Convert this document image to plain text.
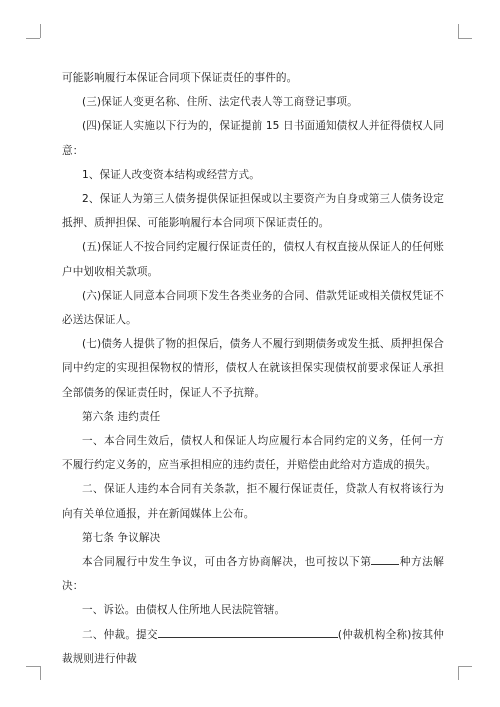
可能影响履行本保证合同项下保证责任的事件的。

(三)保证人变更名称、住所、法定代表人等工商登记事项。

(四)保证人实施以下行为的，保证提前 15 日书面通知债权人并征得债权人同意：

1、保证人改变资本结构或经营方式。

2、保证人为第三人债务提供保证担保或以主要资产为自身或第三人债务设定抵押、质押担保、可能影响履行本合同项下保证责任的。

(五)保证人不按合同约定履行保证责任的，债权人有权直接从保证人的任何账户中划收相关款项。

(六)保证人同意本合同项下发生各类业务的合同、借款凭证或相关债权凭证不必送达保证人。

(七)债务人提供了物的担保后，债务人不履行到期债务或发生抵、质押担保合同中约定的实现担保物权的情形，债权人在就该担保实现债权前要求保证人承担全部债务的保证责任时，保证人不予抗辩。

第六条 违约责任

一、本合同生效后，债权人和保证人均应履行本合同约定的义务，任何一方不履行约定义务的，应当承担相应的违约责任，并赔偿由此给对方造成的损失。

二、保证人违约本合同有关条款，拒不履行保证责任，贷款人有权将该行为向有关单位通报，并在新闻媒体上公布。

第七条 争议解决

本合同履行中发生争议，可由各方协商解决，也可按以下第	种方法解决：

一、诉讼。由债权人住所地人民法院管辖。

二、仲裁。提交	(仲裁机构全称)按其仲裁规则进行仲裁
